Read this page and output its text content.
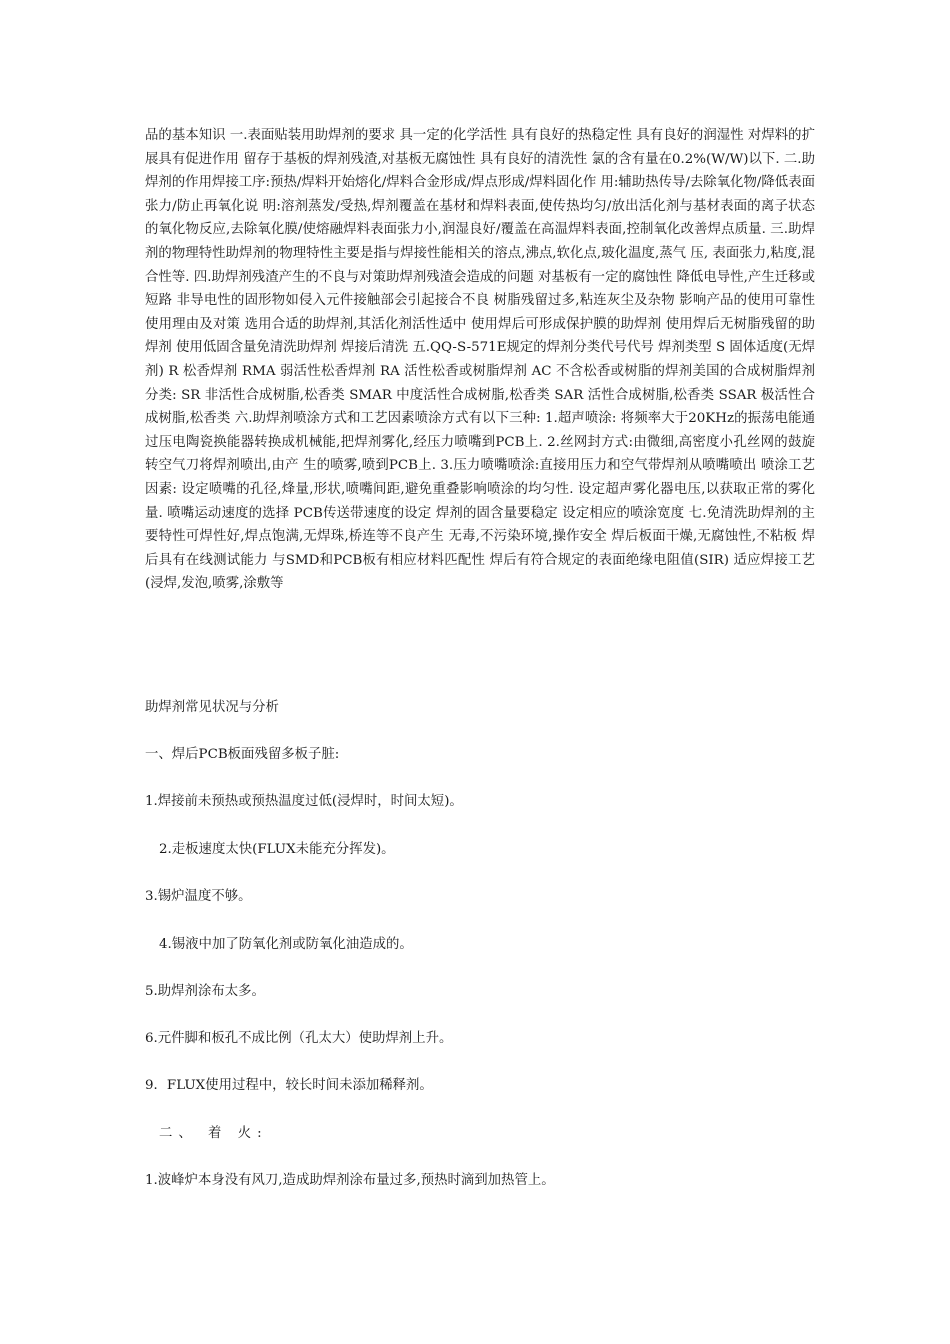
品的基本知识 一.表面贴装用助焊剂的要求 具一定的化学活性 具有良好的热稳定性 具有良好的润湿性 对焊料的扩展具有促进作用 留存于基板的焊剂残渣,对基板无腐蚀性 具有良好的清洗性 氯的含有量在0.2%(W/W)以下. 二.助焊剂的作用焊接工序:预热/焊料开始熔化/焊料合金形成/焊点形成/焊料固化作 用:辅助热传导/去除氧化物/降低表面张力/防止再氧化说 明:溶剂蒸发/受热,焊剂覆盖在基材和焊料表面,使传热均匀/放出活化剂与基材表面的离子状态的氧化物反应,去除氧化膜/使熔融焊料表面张力小,润湿良好/覆盖在高温焊料表面,控制氧化改善焊点质量. 三.助焊剂的物理特性助焊剂的物理特性主要是指与焊接性能相关的溶点,沸点,软化点,玻化温度,蒸气 压, 表面张力,粘度,混合性等. 四.助焊剂残渣产生的不良与对策助焊剂残渣会造成的问题 对基板有一定的腐蚀性 降低电导性,产生迁移或短路 非导电性的固形物如侵入元件接触部会引起接合不良 树脂残留过多,粘连灰尘及杂物 影响产品的使用可靠性 使用理由及对策 选用合适的助焊剂,其活化剂活性适中 使用焊后可形成保护膜的助焊剂 使用焊后无树脂残留的助焊剂 使用低固含量免清洗助焊剂 焊接后清洗 五.QQ-S-571E规定的焊剂分类代号代号 焊剂类型 S 固体适度(无焊剂) R 松香焊剂 RMA 弱活性松香焊剂 RA 活性松香或树脂焊剂 AC 不含松香或树脂的焊剂美国的合成树脂焊剂分类: SR 非活性合成树脂,松香类 SMAR 中度活性合成树脂,松香类 SAR 活性合成树脂,松香类 SSAR 极活性合成树脂,松香类 六.助焊剂喷涂方式和工艺因素喷涂方式有以下三种: 1.超声喷涂: 将频率大于20KHz的振荡电能通过压电陶瓷换能器转换成机械能,把焊剂雾化,经压力喷嘴到PCB上. 2.丝网封方式:由微细,高密度小孔丝网的鼓旋转空气刀将焊剂喷出,由产 生的喷雾,喷到PCB上. 3.压力喷嘴喷涂:直接用压力和空气带焊剂从喷嘴喷出 喷涂工艺因素: 设定喷嘴的孔径,烽量,形状,喷嘴间距,避免重叠影响喷涂的均匀性. 设定超声雾化器电压,以获取正常的雾化量. 喷嘴运动速度的选择 PCB传送带速度的设定 焊剂的固含量要稳定 设定相应的喷涂宽度 七.免清洗助焊剂的主要特性可焊性好,焊点饱满,无焊珠,桥连等不良产生 无毒,不污染环境,操作安全 焊后板面干燥,无腐蚀性,不粘板 焊后具有在线测试能力 与SMD和PCB板有相应材料匹配性 焊后有符合规定的表面绝缘电阻值(SIR) 适应焊接工艺(浸焊,发泡,喷雾,涂敷等

助焊剂常见状况与分析

一、焊后PCB板面残留多板子脏:

1.焊接前未预热或预热温度过低(浸焊时，时间太短)。

2.走板速度太快(FLUX未能充分挥发)。

3.锡炉温度不够。

4.锡液中加了防氧化剂或防氧化油造成的。

5.助焊剂涂布太多。

6.元件脚和板孔不成比例（孔太大）使助焊剂上升。

9．FLUX使用过程中，较长时间未添加稀释剂。

二、 着 火:

1.波峰炉本身没有风刀,造成助焊剂涂布量过多,预热时滴到加热管上。
